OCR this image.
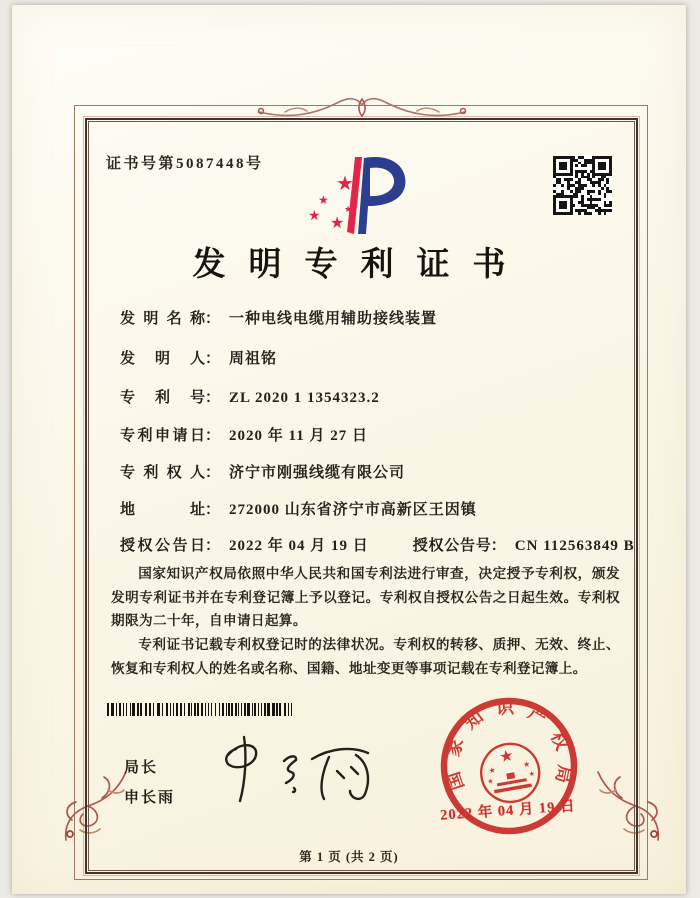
证书号第5087448号
★
★
★ ★
★
发明专利证书
发明名称： 一种电线电缆用辅助接线装置
发明人： 周祖铭
专利号： ZL 2020 1 1354323.2
专利申请日： 2020 年 11 月 27 日
专利权人： 济宁市刚强线缆有限公司
地址： 272000 山东省济宁市高新区王因镇
授权公告日： 2022 年 04 月 19 日	授权公告号： CN 112563849 B

国家知识产权局依照中华人民共和国专利法进行审查，决定授予专利权，颁发发明专利证书并在专利登记簿上予以登记。专利权自授权公告之日起生效。专利权期限为二十年，自申请日起算。

专利证书记载专利权登记时的法律状况。专利权的转移、质押、无效、终止、恢复和专利权人的姓名或名称、国籍、地址变更等事项记载在专利登记簿上。

局长
申长雨
国家知识产权局
★
★
★
★
★
2022 年 04 月 19 日
第 1 页 (共 2 页)
